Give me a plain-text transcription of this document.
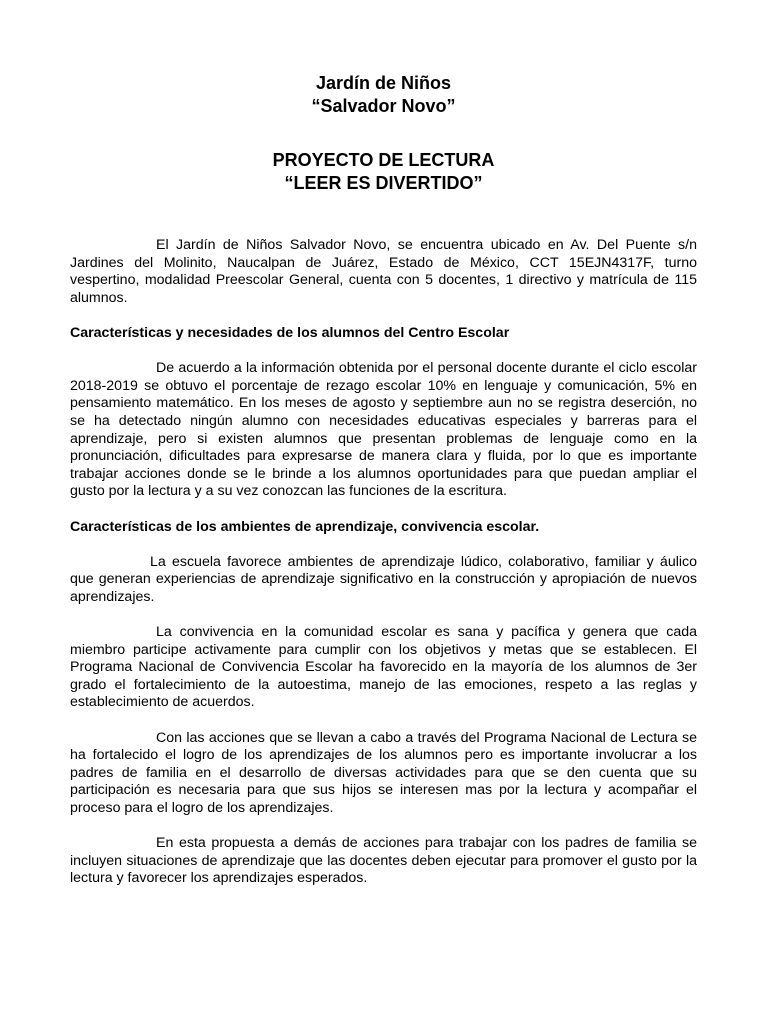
Jardín de Niños
“Salvador Novo”
PROYECTO DE LECTURA
“LEER ES DIVERTIDO”

El Jardín de Niños Salvador Novo, se encuentra ubicado en Av. Del Puente s/n Jardines del Molinito, Naucalpan de Juárez, Estado de México, CCT 15EJN4317F, turno vespertino, modalidad Preescolar General, cuenta con 5 docentes, 1 directivo y matrícula de 115 alumnos.

Características y necesidades de los alumnos del Centro Escolar

De acuerdo a la información obtenida por el personal docente durante el ciclo escolar 2018-2019 se obtuvo el porcentaje de rezago escolar 10% en lenguaje y comunicación, 5% en pensamiento matemático. En los meses de agosto y septiembre aun no se registra deserción, no se ha detectado ningún alumno con necesidades educativas especiales y barreras para el aprendizaje, pero si existen alumnos que presentan problemas de lenguaje como en la pronunciación, dificultades para expresarse de manera clara y fluida, por lo que es importante trabajar acciones donde se le brinde a los alumnos oportunidades para que puedan ampliar el gusto por la lectura y a su vez conozcan las funciones de la escritura.

Características de los ambientes de aprendizaje, convivencia escolar.

La escuela favorece ambientes de aprendizaje lúdico, colaborativo, familiar y áulico que generan experiencias de aprendizaje significativo en la construcción y apropiación de nuevos aprendizajes.

La convivencia en la comunidad escolar es sana y pacífica y genera que cada miembro participe activamente para cumplir con los objetivos y metas que se establecen. El Programa Nacional de Convivencia Escolar ha favorecido en la mayoría de los alumnos de 3er grado el fortalecimiento de la autoestima, manejo de las emociones, respeto a las reglas y establecimiento de acuerdos.

Con las acciones que se llevan a cabo a través del Programa Nacional de Lectura se ha fortalecido el logro de los aprendizajes de los alumnos pero es importante involucrar a los padres de familia en el desarrollo de diversas actividades para que se den cuenta que su participación es necesaria para que sus hijos se interesen mas por la lectura y acompañar el proceso para el logro de los aprendizajes.

En esta propuesta a demás de acciones para trabajar con los padres de familia se incluyen situaciones de aprendizaje que las docentes deben ejecutar para promover el gusto por la lectura y favorecer los aprendizajes esperados.
